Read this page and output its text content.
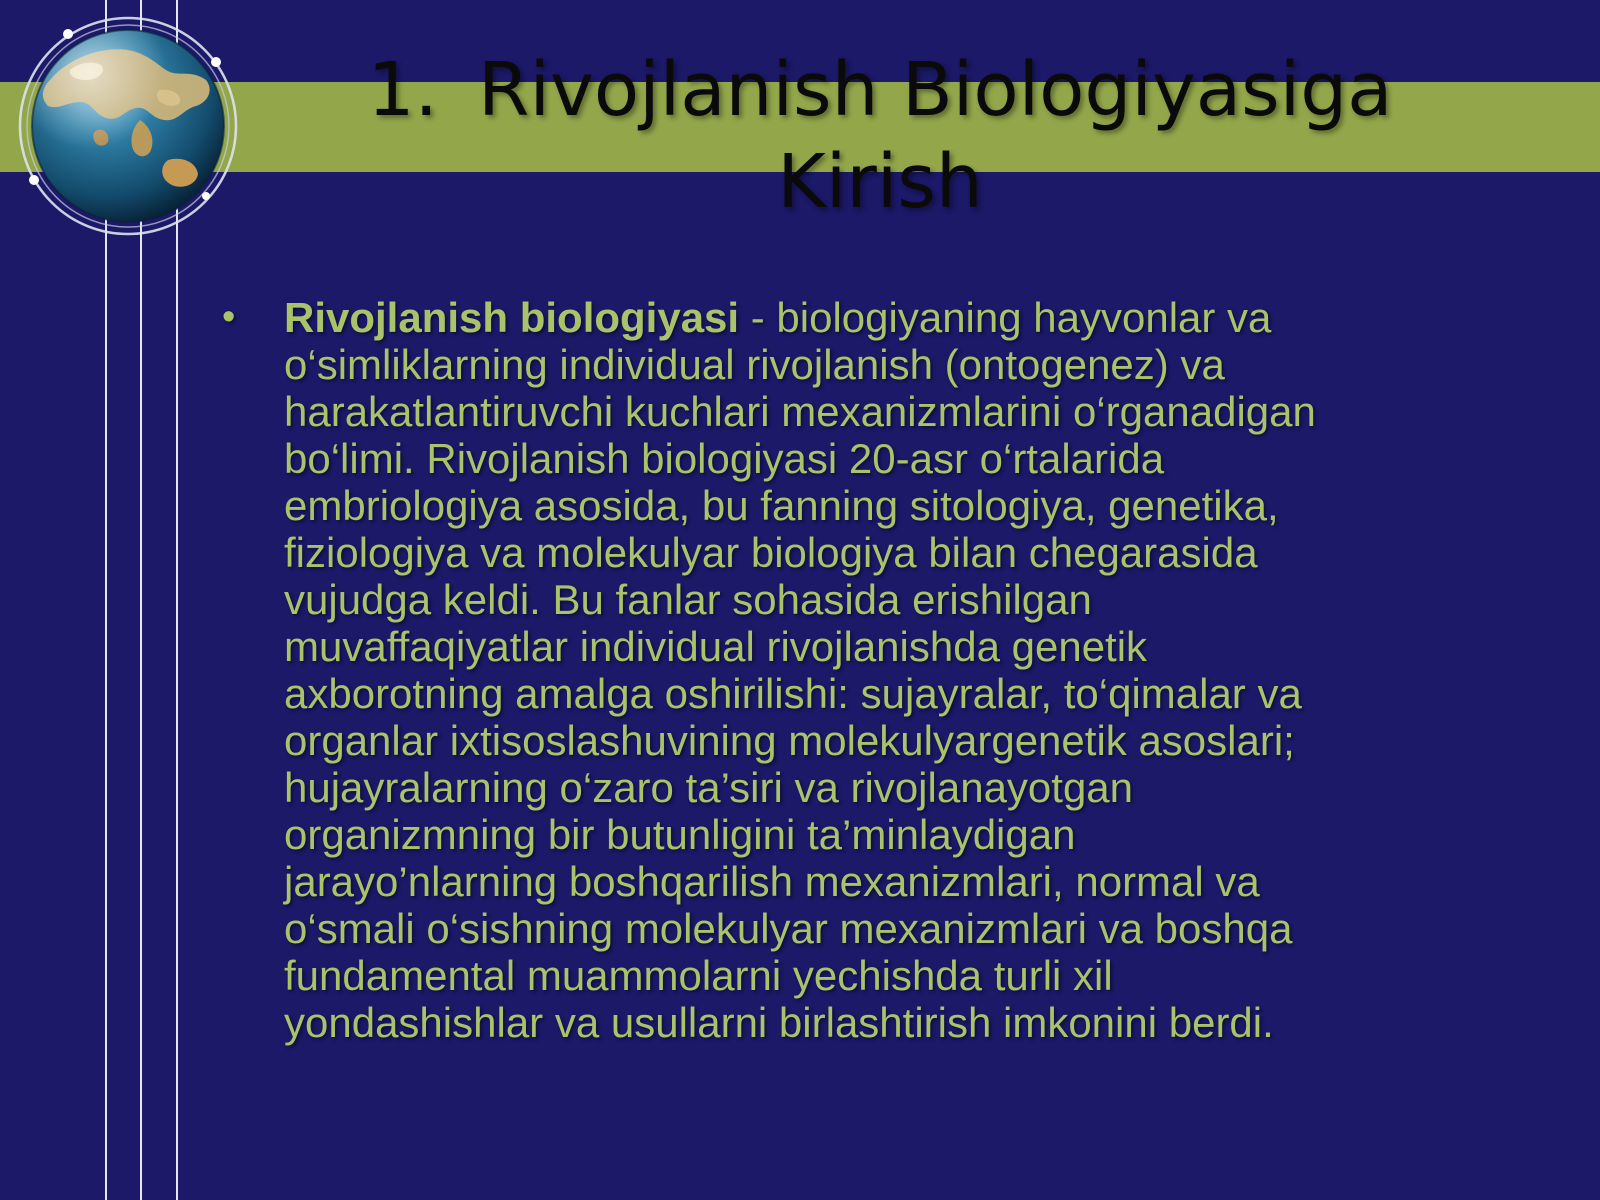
1. Rivojlanish Biologiyasiga
Kirish
•	Rivojlanish biologiyasi - biologiyaning hayvonlar va
o‘simliklarning individual rivojlanish (ontogenez) va
harakatlantiruvchi kuchlari mexanizmlarini o‘rganadigan
bo‘limi. Rivojlanish biologiyasi 20-asr o‘rtalarida
embriologiya asosida, bu fanning sitologiya, genetika,
fiziologiya va molekulyar biologiya bilan chegarasida
vujudga keldi. Bu fanlar sohasida erishilgan
muvaffaqiyatlar individual rivojlanishda genetik
axborotning amalga oshirilishi: sujayralar, to‘qimalar va
organlar ixtisoslashuvining molekulyargenetik asoslari;
hujayralarning o‘zaro ta’siri va rivojlanayotgan
organizmning bir butunligini ta’minlaydigan
jarayo’nlarning boshqarilish mexanizmlari, normal va
o‘smali o‘sishning molekulyar mexanizmlari va boshqa
fundamental muammolarni yechishda turli xil
yondashishlar va usullarni birlashtirish imkonini berdi.
